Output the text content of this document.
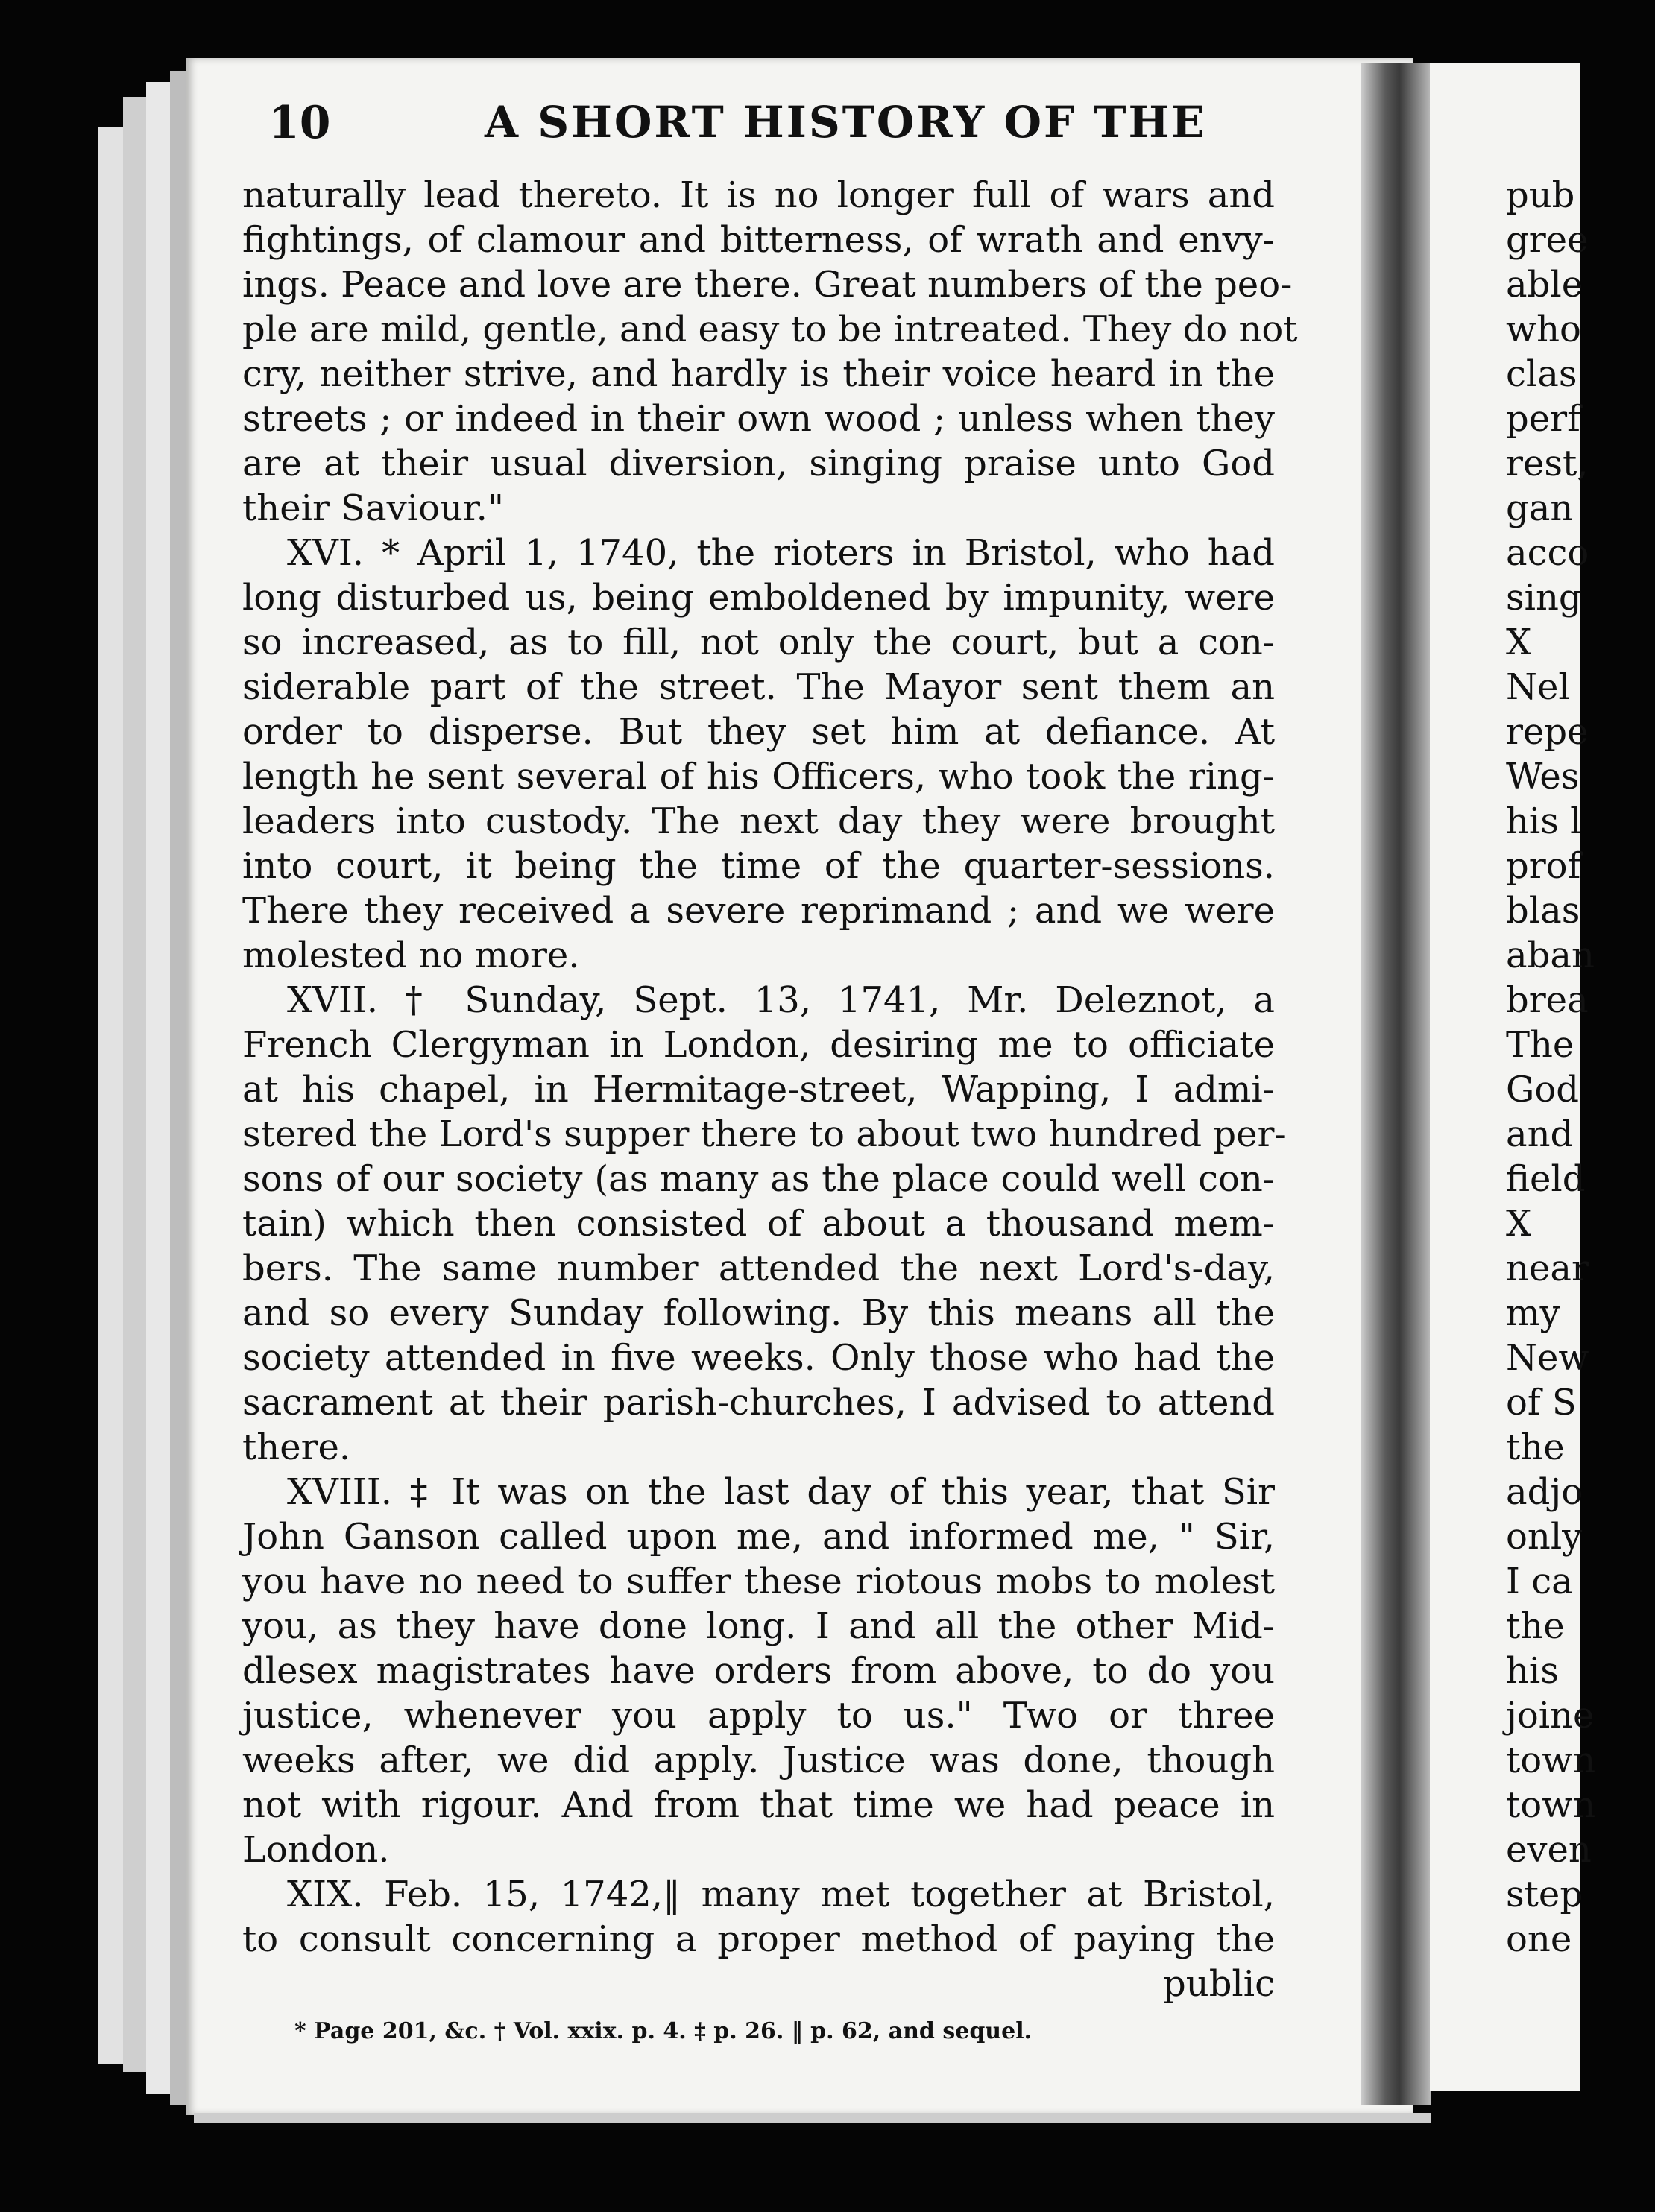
10	A SHORT HISTORY OF THE
naturally lead thereto. It is no longer full of wars and
fightings, of clamour and bitterness, of wrath and envy-
ings. Peace and love are there. Great numbers of the peo-
ple are mild, gentle, and easy to be intreated. They do not
cry, neither strive, and hardly is their voice heard in the
streets ; or indeed in their own wood ; unless when they
are at their usual diversion, singing praise unto God
their Saviour."
XVI. * April 1, 1740, the rioters in Bristol, who had
long disturbed us, being emboldened by impunity, were
so increased, as to fill, not only the court, but a con-
siderable part of the street. The Mayor sent them an
order to disperse. But they set him at defiance. At
length he sent several of his Officers, who took the ring-
leaders into custody. The next day they were brought
into court, it being the time of the quarter-sessions.
There they received a severe reprimand ; and we were
molested no more.
XVII. † Sunday, Sept. 13, 1741, Mr. Deleznot, a
French Clergyman in London, desiring me to officiate
at his chapel, in Hermitage-street, Wapping, I admi-
stered the Lord's supper there to about two hundred per-
sons of our society (as many as the place could well con-
tain) which then consisted of about a thousand mem-
bers. The same number attended the next Lord's-day,
and so every Sunday following. By this means all the
society attended in five weeks. Only those who had the
sacrament at their parish-churches, I advised to attend
there.
XVIII. ‡ It was on the last day of this year, that Sir
John Ganson called upon me, and informed me, " Sir,
you have no need to suffer these riotous mobs to molest
you, as they have done long. I and all the other Mid-
dlesex magistrates have orders from above, to do you
justice, whenever you apply to us." Two or three
weeks after, we did apply. Justice was done, though
not with rigour. And from that time we had peace in
London.
XIX. Feb. 15, 1742,‖ many met together at Bristol,
to consult concerning a proper method of paying the
public
* Page 201, &c. † Vol. xxix. p. 4. ‡ p. 26. ‖ p. 62, and sequel.
pub
gree
able
who
clas
perf
rest,
gan
acco
sing
X
Nel
repe
Wes
his l
prof
blas
aban
brea
The
God
and
field
X
near
my
New
of S
the
adjo
only
I ca
the
his
joine
town
town
even
step
one
